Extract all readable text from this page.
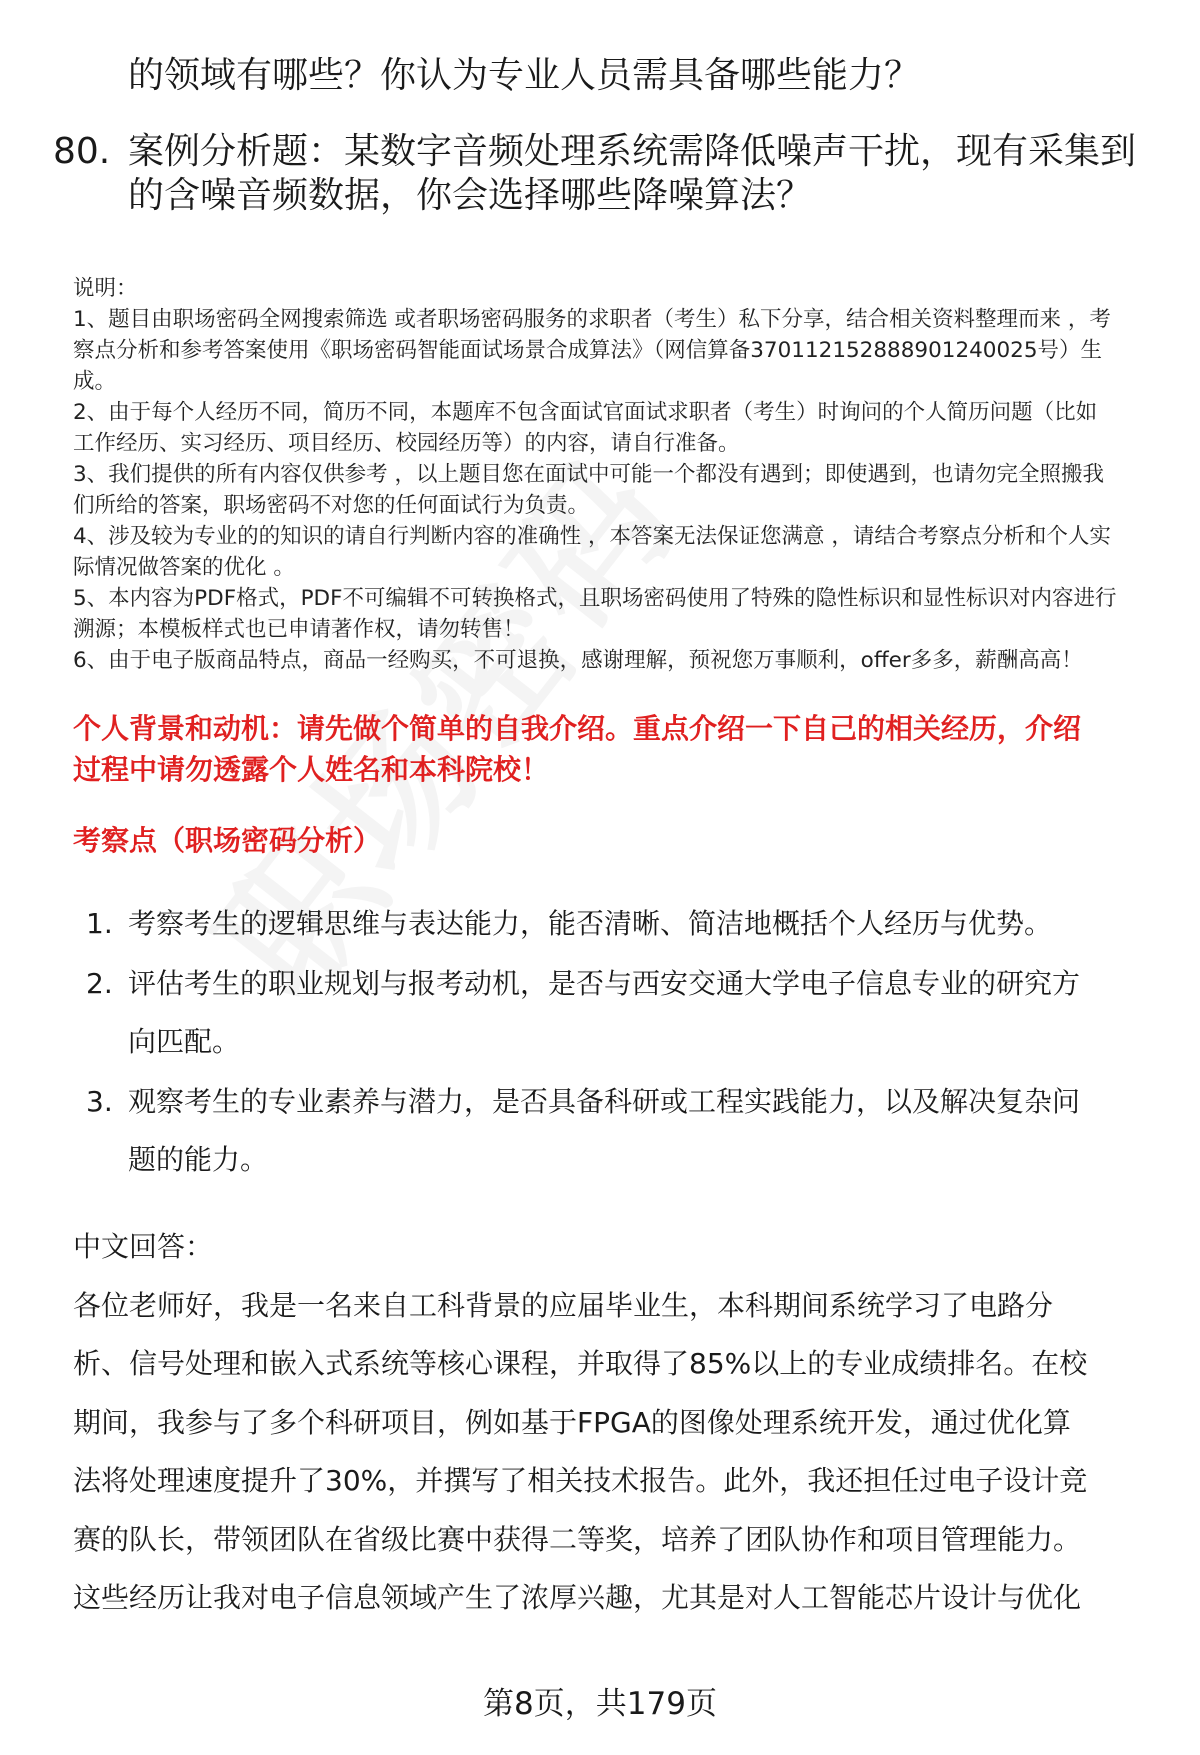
的领域有哪些？你认为专业人员需具备哪些能力？
80. 案例分析题：某数字音频处理系统需降低噪声干扰，现有采集到
的含噪音频数据，你会选择哪些降噪算法？
说明：
1、题目由职场密码全网搜索筛选 或者职场密码服务的求职者（考生）私下分享，结合相关资料整理而来 ，考
察点分析和参考答案使用《职场密码智能面试场景合成算法》（网信算备370112152888901240025号）生
成。
2、由于每个人经历不同，简历不同，本题库不包含面试官面试求职者（考生）时询问的个人简历问题（比如
工作经历、实习经历、项目经历、校园经历等）的内容，请自行准备。
3、我们提供的所有内容仅供参考 ，以上题目您在面试中可能一个都没有遇到；即使遇到，也请勿完全照搬我
们所给的答案，职场密码不对您的任何面试行为负责。
4、涉及较为专业的的知识的请自行判断内容的准确性 ，本答案无法保证您满意 ，请结合考察点分析和个人实
际情况做答案的优化 。
5、本内容为PDF格式，PDF不可编辑不可转换格式，且职场密码使用了特殊的隐性标识和显性标识对内容进行
溯源；本模板样式也已申请著作权，请勿转售！
6、由于电子版商品特点，商品一经购买，不可退换，感谢理解，预祝您万事顺利，offer多多，薪酬高高！
个人背景和动机：请先做个简单的自我介绍。重点介绍一下自己的相关经历，介绍
过程中请勿透露个人姓名和本科院校！
考察点（职场密码分析）
1. 考察考生的逻辑思维与表达能力，能否清晰、简洁地概括个人经历与优势。
2. 评估考生的职业规划与报考动机，是否与西安交通大学电子信息专业的研究方
向匹配。
3. 观察考生的专业素养与潜力，是否具备科研或工程实践能力，以及解决复杂问
题的能力。
中文回答：
各位老师好，我是一名来自工科背景的应届毕业生，本科期间系统学习了电路分
析、信号处理和嵌入式系统等核心课程，并取得了85%以上的专业成绩排名。在校
期间，我参与了多个科研项目，例如基于FPGA的图像处理系统开发，通过优化算
法将处理速度提升了30%，并撰写了相关技术报告。此外，我还担任过电子设计竞
赛的队长，带领团队在省级比赛中获得二等奖，培养了团队协作和项目管理能力。
这些经历让我对电子信息领域产生了浓厚兴趣，尤其是对人工智能芯片设计与优化
第8页，共179页
